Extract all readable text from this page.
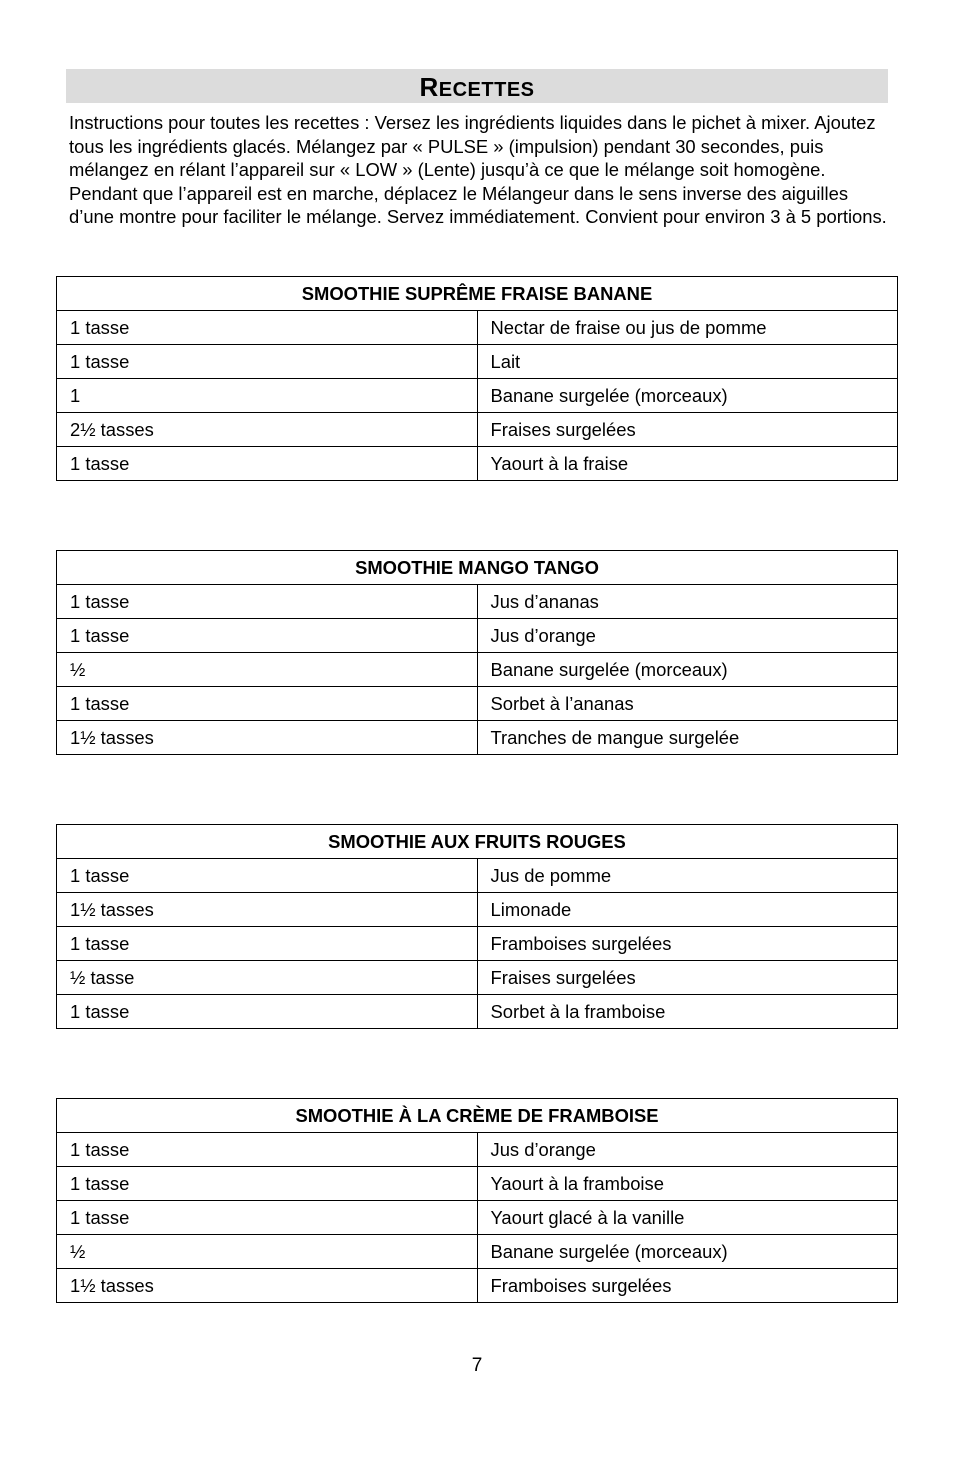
RECETTES

Instructions pour toutes les recettes : Versez les ingrédients liquides dans le pichet à mixer. Ajoutez tous les ingrédients glacés. Mélangez par « PULSE » (impulsion) pendant 30 secondes, puis mélangez en rélant l’appareil sur « LOW » (Lente) jusqu’à ce que le mélange soit homogène. Pendant que l’appareil est en marche, déplacez le Mélangeur dans le sens inverse des aiguilles d’une montre pour faciliter le mélange. Servez immédiatement. Convient pour environ 3 à 5 portions.

SMOOTHIE SUPRÊME FRAISE BANANE	
1 tasse	Nectar de fraise ou jus de pomme
1 tasse	Lait
1	Banane surgelée (morceaux)
2½ tasses	Fraises surgelées
1 tasse	Yaourt à la fraise
SMOOTHIE MANGO TANGO	
1 tasse	Jus d’ananas
1 tasse	Jus d’orange
½	Banane surgelée (morceaux)
1 tasse	Sorbet à l’ananas
1½ tasses	Tranches de mangue surgelée
SMOOTHIE AUX FRUITS ROUGES	
1 tasse	Jus de pomme
1½ tasses	Limonade
1 tasse	Framboises surgelées
½ tasse	Fraises surgelées
1 tasse	Sorbet à la framboise
SMOOTHIE À LA CRÈME DE FRAMBOISE	
1 tasse	Jus d’orange
1 tasse	Yaourt à la framboise
1 tasse	Yaourt glacé à la vanille
½	Banane surgelée (morceaux)
1½ tasses	Framboises surgelées
7
